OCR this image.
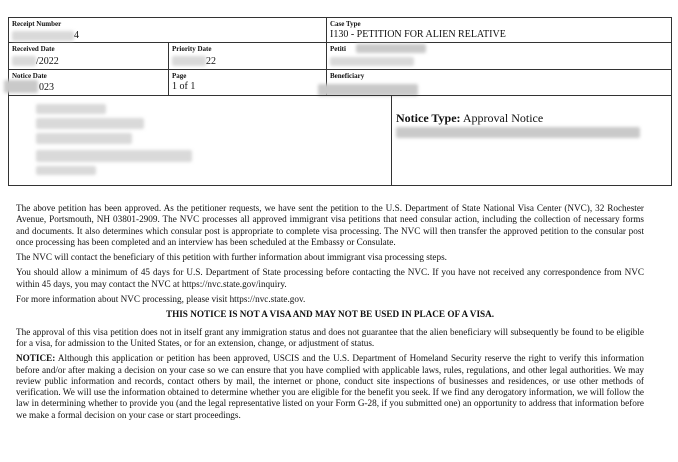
Receipt Number
4
Case Type
I130 - PETITION FOR ALIEN RELATIVE
Received Date
/2022
Priority Date
22
Petiti
Notice Date
023
Page
1 of 1
Beneficiary
Notice Type: Approval Notice

The above petition has been approved. As the petitioner requests, we have sent the petition to the U.S. Department of State National Visa Center (NVC), 32 Rochester Avenue, Portsmouth, NH 03801-2909. The NVC processes all approved immigrant visa petitions that need consular action, including the collection of necessary forms and documents. It also determines which consular post is appropriate to complete visa processing. The NVC will then transfer the approved petition to the consular post once processing has been completed and an interview has been scheduled at the Embassy or Consulate.

The NVC will contact the beneficiary of this petition with further information about immigrant visa processing steps.

You should allow a minimum of 45 days for U.S. Department of State processing before contacting the NVC. If you have not received any correspondence from NVC within 45 days, you may contact the NVC at https://nvc.state.gov/inquiry.

For more information about NVC processing, please visit https://nvc.state.gov.

THIS NOTICE IS NOT A VISA AND MAY NOT BE USED IN PLACE OF A VISA.

The approval of this visa petition does not in itself grant any immigration status and does not guarantee that the alien beneficiary will subsequently be found to be eligible for a visa, for admission to the United States, or for an extension, change, or adjustment of status.

NOTICE: Although this application or petition has been approved, USCIS and the U.S. Department of Homeland Security reserve the right to verify this information before and/or after making a decision on your case so we can ensure that you have complied with applicable laws, rules, regulations, and other legal authorities. We may review public information and records, contact others by mail, the internet or phone, conduct site inspections of businesses and residences, or use other methods of verification. We will use the information obtained to determine whether you are eligible for the benefit you seek. If we find any derogatory information, we will follow the law in determining whether to provide you (and the legal representative listed on your Form G-28, if you submitted one) an opportunity to address that information before we make a formal decision on your case or start proceedings.
